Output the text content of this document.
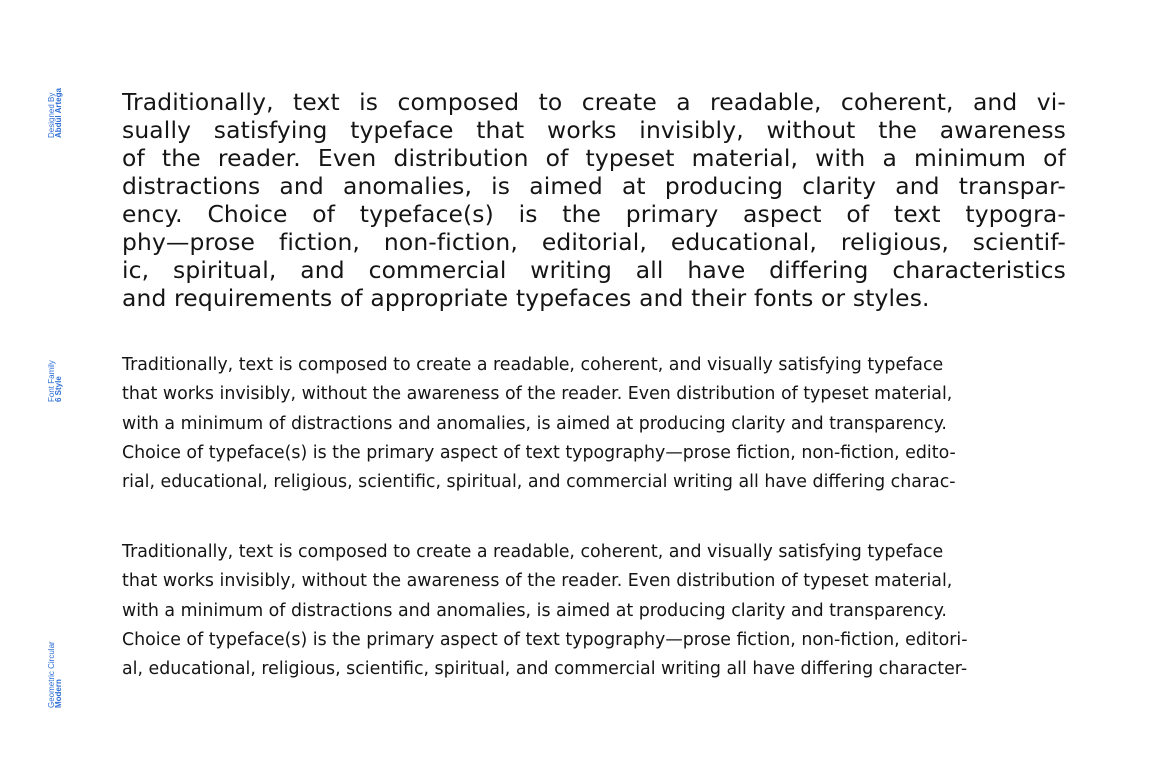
Designed By
Abdul Artega
Font Family
6 Style
Geometric Circular
Modern

Traditionally, text is composed to create a readable, coherent, and vi-
sually satisfying typeface that works invisibly, without the awareness
of the reader. Even distribution of typeset material, with a minimum of
distractions and anomalies, is aimed at producing clarity and transpar-
ency. Choice of typeface(s) is the primary aspect of text typogra-
phy—prose fiction, non-fiction, editorial, educational, religious, scientif-
ic, spiritual, and commercial writing all have differing characteristics
and requirements of appropriate typefaces and their fonts or styles.

Traditionally, text is composed to create a readable, coherent, and visually satisfying typeface
that works invisibly, without the awareness of the reader. Even distribution of typeset material,
with a minimum of distractions and anomalies, is aimed at producing clarity and transparency.
Choice of typeface(s) is the primary aspect of text typography—prose fiction, non-fiction, edito-
rial, educational, religious, scientific, spiritual, and commercial writing all have differing charac-

Traditionally, text is composed to create a readable, coherent, and visually satisfying typeface
that works invisibly, without the awareness of the reader. Even distribution of typeset material,
with a minimum of distractions and anomalies, is aimed at producing clarity and transparency.
Choice of typeface(s) is the primary aspect of text typography—prose fiction, non-fiction, editori-
al, educational, religious, scientific, spiritual, and commercial writing all have differing character-
